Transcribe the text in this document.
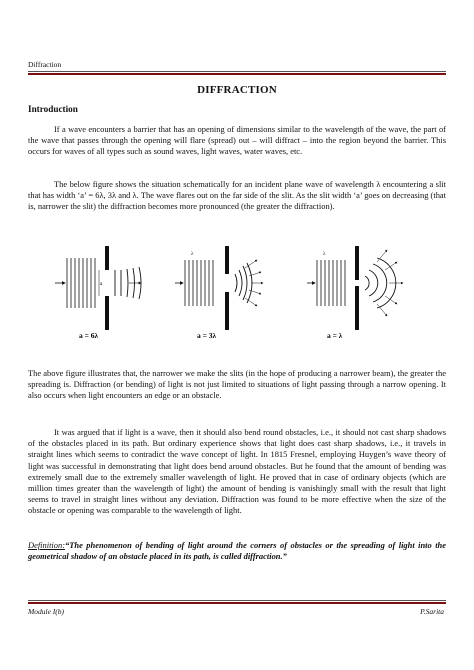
Diffraction
DIFFRACTION
Introduction

If a wave encounters a barrier that has an opening of dimensions similar to the wavelength of the wave, the part of the wave that passes through the opening will flare (spread) out – will diffract – into the region beyond the barrier. This occurs for waves of all types such as sound waves, light waves, water waves, etc.

The below figure shows the situation schematically for an incident plane wave of wavelength λ encountering a slit that has width ‘a’ = 6λ, 3λ and λ. The wave flares out on the far side of the slit. As the slit width ‘a’ goes on decreasing (that is, narrower the slit) the diffraction becomes more pronounced (the greater the diffraction).

a
a = 6λ
λ
a = 3λ
λ
a = λ

The above figure illustrates that, the narrower we make the slits (in the hope of producing a narrower beam), the greater the spreading is. Diffraction (or bending) of light is not just limited to situations of light passing through a narrow opening. It also occurs when light encounters an edge or an obstacle.

It was argued that if light is a wave, then it should also bend round obstacles, i.e., it should not cast sharp shadows of the obstacles placed in its path. But ordinary experience shows that light does cast sharp shadows, i.e., it travels in straight lines which seems to contradict the wave concept of light. In 1815 Fresnel, employing Huygen’s wave theory of light was successful in demonstrating that light does bend around obstacles. But he found that the amount of bending was extremely small due to the extremely smaller wavelength of light. He proved that in case of ordinary objects (which are million times greater than the wavelength of light) the amount of bending is vanishingly small with the result that light seems to travel in straight lines without any deviation. Diffraction was found to be more effective when the size of the obstacle or opening was comparable to the wavelength of light.

Definition:“The phenomenon of bending of light around the corners of obstacles or the spreading of light into the geometrical shadow of an obstacle placed in its path, is called diffraction.”

Module I(b)	P.Sarita
